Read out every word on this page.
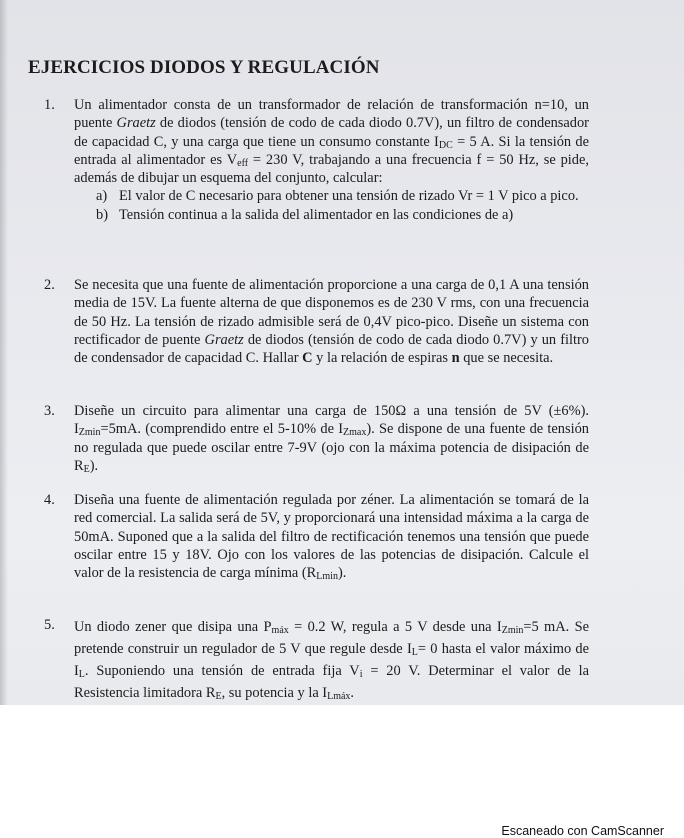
EJERCICIOS DIODOS Y REGULACIÓN
1. Un alimentador consta de un transformador de relación de transformación n=10, un puente Graetz de diodos (tensión de codo de cada diodo 0.7V), un filtro de condensador de capacidad C, y una carga que tiene un consumo constante $I_{DC} = 5$ A. Si la tensión de entrada al alimentador es $V_{eff} = 230$ V, trabajando a una frecuencia f = 50 Hz, se pide, además de dibujar un esquema del conjunto, calcular:

a) El valor de C necesario para obtener una tensión de rizado Vr = 1 V pico a pico.
b) Tensión continua a la salida del alimentador en las condiciones de a)
2. Se necesita que una fuente de alimentación proporcione a una carga de 0,1 A una tensión media de 15V. La fuente alterna de que disponemos es de 230 V rms, con una frecuencia de 50 Hz. La tensión de rizado admisible será de 0,4V pico-pico. Diseñe un sistema con rectificador de puente Graetz de diodos (tensión de codo de cada diodo 0.7V) y un filtro de condensador de capacidad C. Hallar C y la relación de espiras n que se necesita.

3. Diseñe un circuito para alimentar una carga de 150Ω a una tensión de 5V (±6%). $I_{Zmin}=5mA$. (comprendido entre el 5-10% de $I_{Zmax}$). Se dispone de una fuente de tensión no regulada que puede oscilar entre 7-9V (ojo con la máxima potencia de disipación de $R_E$).

4. Diseña una fuente de alimentación regulada por zéner. La alimentación se tomará de la red comercial. La salida será de 5V, y proporcionará una intensidad máxima a la carga de 50mA. Suponed que a la salida del filtro de rectificación tenemos una tensión que puede oscilar entre 15 y 18V. Ojo con los valores de las potencias de disipación. Calcule el valor de la resistencia de carga mínima $(R_{Lmin})$.

5. Un diodo zener que disipa una $P_{máx} = 0.2$ W, regula a 5 V desde una $I_{Zmin}=5$ mA. Se pretende construir un regulador de 5 V que regule desde $I_L= 0$ hasta el valor máximo de $I_L$. Suponiendo una tensión de entrada fija $V_i = 20$ V. Determinar el valor de la Resistencia limitadora $R_E$, su potencia y la $I_{Lmáx}$.

Escaneado con CamScanner
